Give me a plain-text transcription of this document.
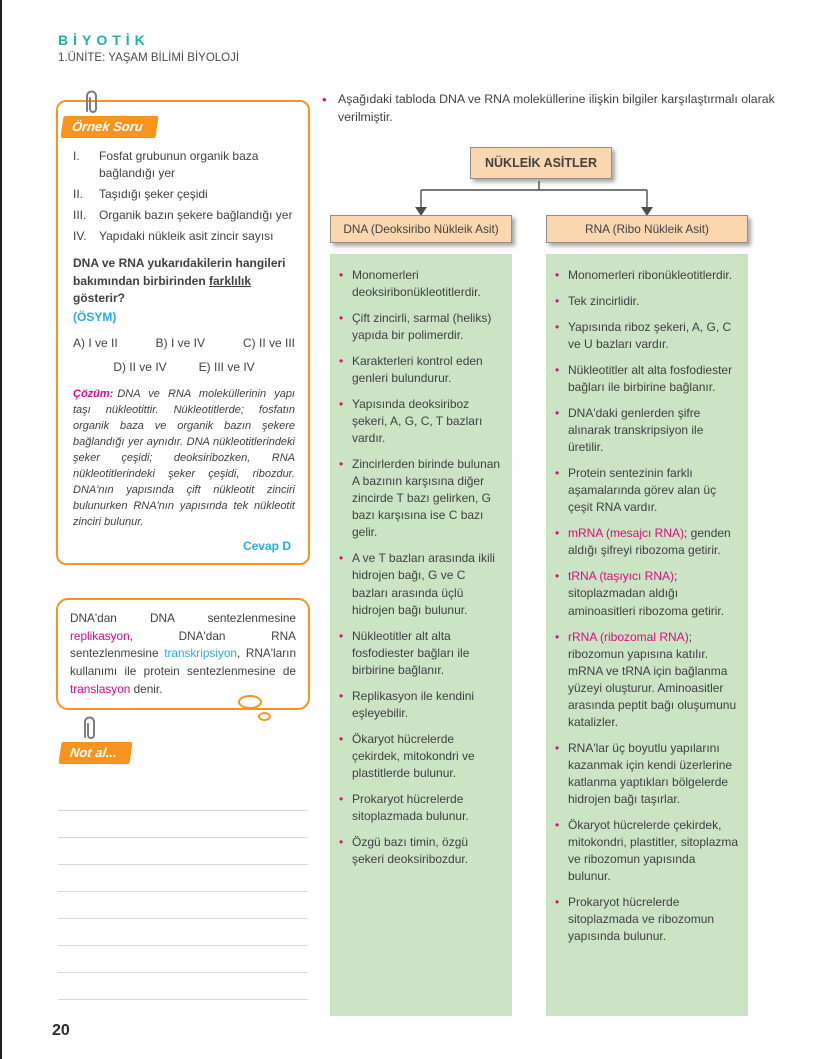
BİYOTİK
1.ÜNİTE: YAŞAM BİLİMİ BİYOLOJİ
Örnek Soru
I.	Fosfat grubunun organik baza bağlandığı yer
II.	Taşıdığı şeker çeşidi
III.	Organik bazın şekere bağlandığı yer
IV.	Yapıdaki nükleik asit zincir sayısı
DNA ve RNA yukarıdakilerin hangileri bakımından birbirinden farklılık gösterir?
(ÖSYM)
A) I ve II	B) I ve IV	C) II ve III
D) II ve IV	E) III ve IV
Çözüm: DNA ve RNA moleküllerinin yapı taşı nükleotittir. Nükleotitlerde; fosfatın organik baza ve organik bazın şekere bağlandığı yer aynıdır. DNA nükleotitlerindeki şeker çeşidi; deoksiribozken, RNA nükleotitlerindeki şeker çeşidi, ribozdur. DNA'nın yapısında çift nükleotit zinciri bulunurken RNA'nın yapısında tek nükleotit zinciri bulunur.
Cevap D
DNA'dan DNA sentezlenmesine replikasyon, DNA'dan RNA sentezlenmesine transkripsiyon, RNA'ların kullanımı ile protein sentezlenmesine de translasyon denir.
Not al...
• Aşağıdaki tabloda DNA ve RNA moleküllerine ilişkin bilgiler karşılaştırmalı olarak verilmiştir.
NÜKLEİK ASİTLER
DNA (Deoksiribo Nükleik Asit)	RNA (Ribo Nükleik Asit)
• Monomerleri deoksiribonükleotitlerdir.
• Çift zincirli, sarmal (heliks) yapıda bir polimerdir.
• Karakterleri kontrol eden genleri bulundurur.
• Yapısında deoksiriboz şekeri, A, G, C, T bazları vardır.
• Zincirlerden birinde bulunan A bazının karşısına diğer zincirde T bazı gelirken, G bazı karşısına ise C bazı gelir.
• A ve T bazları arasında ikili hidrojen bağı, G ve C bazları arasında üçlü hidrojen bağı bulunur.
• Nükleotitler alt alta fosfodiester bağları ile birbirine bağlanır.
• Replikasyon ile kendini eşleyebilir.
• Ökaryot hücrelerde çekirdek, mitokondri ve plastitlerde bulunur.
• Prokaryot hücrelerde sitoplazmada bulunur.
• Özgü bazı timin, özgü şekeri deoksiribozdur.
• Monomerleri ribonükleotitlerdir.
• Tek zincirlidir.
• Yapısında riboz şekeri, A, G, C ve U bazları vardır.
• Nükleotitler alt alta fosfodiester bağları ile birbirine bağlanır.
• DNA'daki genlerden şifre alınarak transkripsiyon ile üretilir.
• Protein sentezinin farklı aşamalarında görev alan üç çeşit RNA vardır.
• mRNA (mesajcı RNA); genden aldığı şifreyi ribozoma getirir.
• tRNA (taşıyıcı RNA); sitoplazmadan aldığı aminoasitleri ribozoma getirir.
• rRNA (ribozomal RNA); ribozomun yapısına katılır. mRNA ve tRNA için bağlanma yüzeyi oluşturur. Aminoasitler arasında peptit bağı oluşumunu katalizler.
• RNA'lar üç boyutlu yapılarını kazanmak için kendi üzerlerine katlanma yaptıkları bölgelerde hidrojen bağı taşırlar.
• Ökaryot hücrelerde çekirdek, mitokondri, plastitler, sitoplazma ve ribozomun yapısında bulunur.
• Prokaryot hücrelerde sitoplazmada ve ribozomun yapısında bulunur.
20
